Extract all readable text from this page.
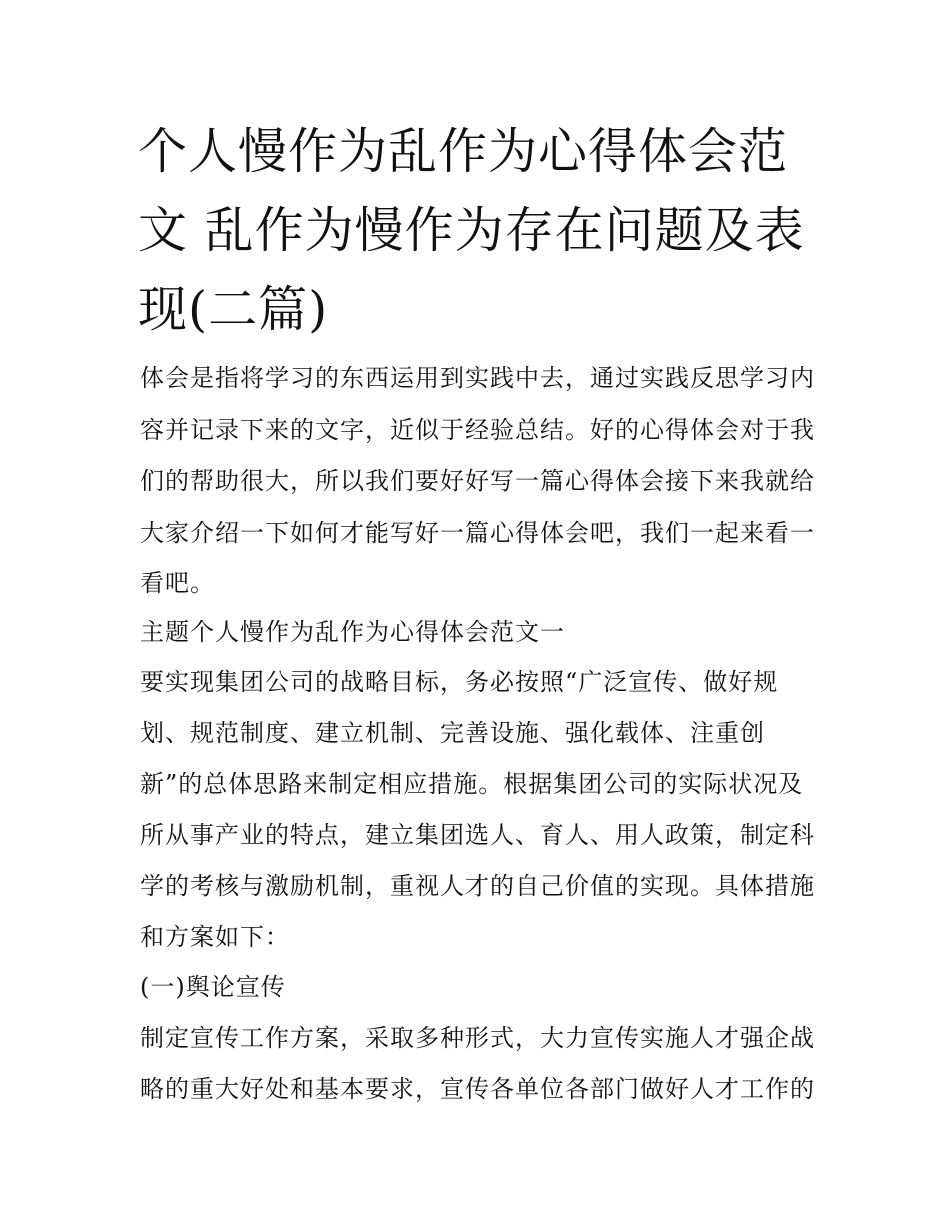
个人慢作为乱作为心得体会范
文 乱作为慢作为存在问题及表
现(二篇)
体会是指将学习的东西运用到实践中去，通过实践反思学习内
容并记录下来的文字，近似于经验总结。好的心得体会对于我
们的帮助很大，所以我们要好好写一篇心得体会接下来我就给
大家介绍一下如何才能写好一篇心得体会吧，我们一起来看一
看吧。
主题个人慢作为乱作为心得体会范文一
要实现集团公司的战略目标，务必按照“广泛宣传、做好规
划、规范制度、建立机制、完善设施、强化载体、注重创
新”的总体思路来制定相应措施。根据集团公司的实际状况及
所从事产业的特点，建立集团选人、育人、用人政策，制定科
学的考核与激励机制，重视人才的自己价值的实现。具体措施
和方案如下：
(一)舆论宣传
制定宣传工作方案，采取多种形式，大力宣传实施人才强企战
略的重大好处和基本要求，宣传各单位各部门做好人才工作的
